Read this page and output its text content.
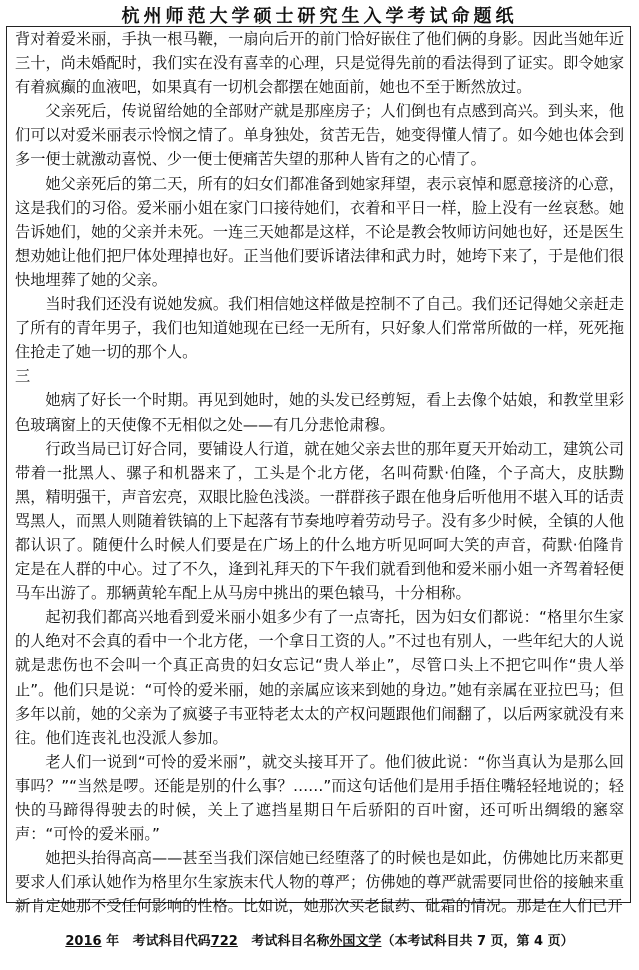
杭州师范大学硕士研究生入学考试命题纸

背对着爱米丽，手执一根马鞭，一扇向后开的前门恰好嵌住了他们俩的身影。因此当她年近三十，尚未婚配时，我们实在没有喜幸的心理，只是觉得先前的看法得到了证实。即令她家有着疯癫的血液吧，如果真有一切机会都摆在她面前，她也不至于断然放过。

父亲死后，传说留给她的全部财产就是那座房子；人们倒也有点感到高兴。到头来，他们可以对爱米丽表示怜悯之情了。单身独处，贫苦无告，她变得懂人情了。如今她也体会到多一便士就激动喜悦、少一便士便痛苦失望的那种人皆有之的心情了。

她父亲死后的第二天，所有的妇女们都准备到她家拜望，表示哀悼和愿意接济的心意，这是我们的习俗。爱米丽小姐在家门口接待她们，衣着和平日一样，脸上没有一丝哀愁。她告诉她们，她的父亲并未死。一连三天她都是这样，不论是教会牧师访问她也好，还是医生想劝她让他们把尸体处理掉也好。正当他们要诉诸法律和武力时，她垮下来了，于是他们很快地埋葬了她的父亲。

当时我们还没有说她发疯。我们相信她这样做是控制不了自己。我们还记得她父亲赶走了所有的青年男子，我们也知道她现在已经一无所有，只好象人们常常所做的一样，死死拖住抢走了她一切的那个人。

三

她病了好长一个时期。再见到她时，她的头发已经剪短，看上去像个姑娘，和教堂里彩色玻璃窗上的天使像不无相似之处——有几分悲怆肃穆。

行政当局已订好合同，要铺设人行道，就在她父亲去世的那年夏天开始动工，建筑公司带着一批黑人、骡子和机器来了，工头是个北方佬，名叫荷默·伯隆，个子高大，皮肤黝黑，精明强干，声音宏亮，双眼比脸色浅淡。一群群孩子跟在他身后听他用不堪入耳的话责骂黑人，而黑人则随着铁镐的上下起落有节奏地哼着劳动号子。没有多少时候，全镇的人他都认识了。随便什么时候人们要是在广场上的什么地方听见呵呵大笑的声音，荷默·伯隆肯定是在人群的中心。过了不久，逢到礼拜天的下午我们就看到他和爱米丽小姐一齐驾着轻便马车出游了。那辆黄轮车配上从马房中挑出的栗色辕马，十分相称。

起初我们都高兴地看到爱米丽小姐多少有了一点寄托，因为妇女们都说：“格里尔生家的人绝对不会真的看中一个北方佬，一个拿日工资的人。”不过也有别人，一些年纪大的人说就是悲伤也不会叫一个真正高贵的妇女忘记“贵人举止”，尽管口头上不把它叫作“贵人举止”。他们只是说：“可怜的爱米丽，她的亲属应该来到她的身边。”她有亲属在亚拉巴马；但多年以前，她的父亲为了疯婆子韦亚特老太太的产权问题跟他们闹翻了，以后两家就没有来往。他们连丧礼也没派人参加。

老人们一说到“可怜的爱米丽”，就交头接耳开了。他们彼此说：“你当真认为是那么回事吗？”“当然是啰。还能是别的什么事？……”而这句话他们是用手捂住嘴轻轻地说的；轻快的马蹄得得驶去的时候，关上了遮挡星期日午后骄阳的百叶窗，还可听出绸缎的窸窣声：“可怜的爱米丽。”

她把头抬得高高——甚至当我们深信她已经堕落了的时候也是如此，仿佛她比历来都更要求人们承认她作为格里尔生家族末代人物的尊严；仿佛她的尊严就需要同世俗的接触来重新肯定她那不受任何影响的性格。比如说，她那次买老鼠药、砒霜的情况。那是在人们已开

2016 年 考试科目代码722 考试科目名称外国文学（本考试科目共 7 页，第 4 页）
